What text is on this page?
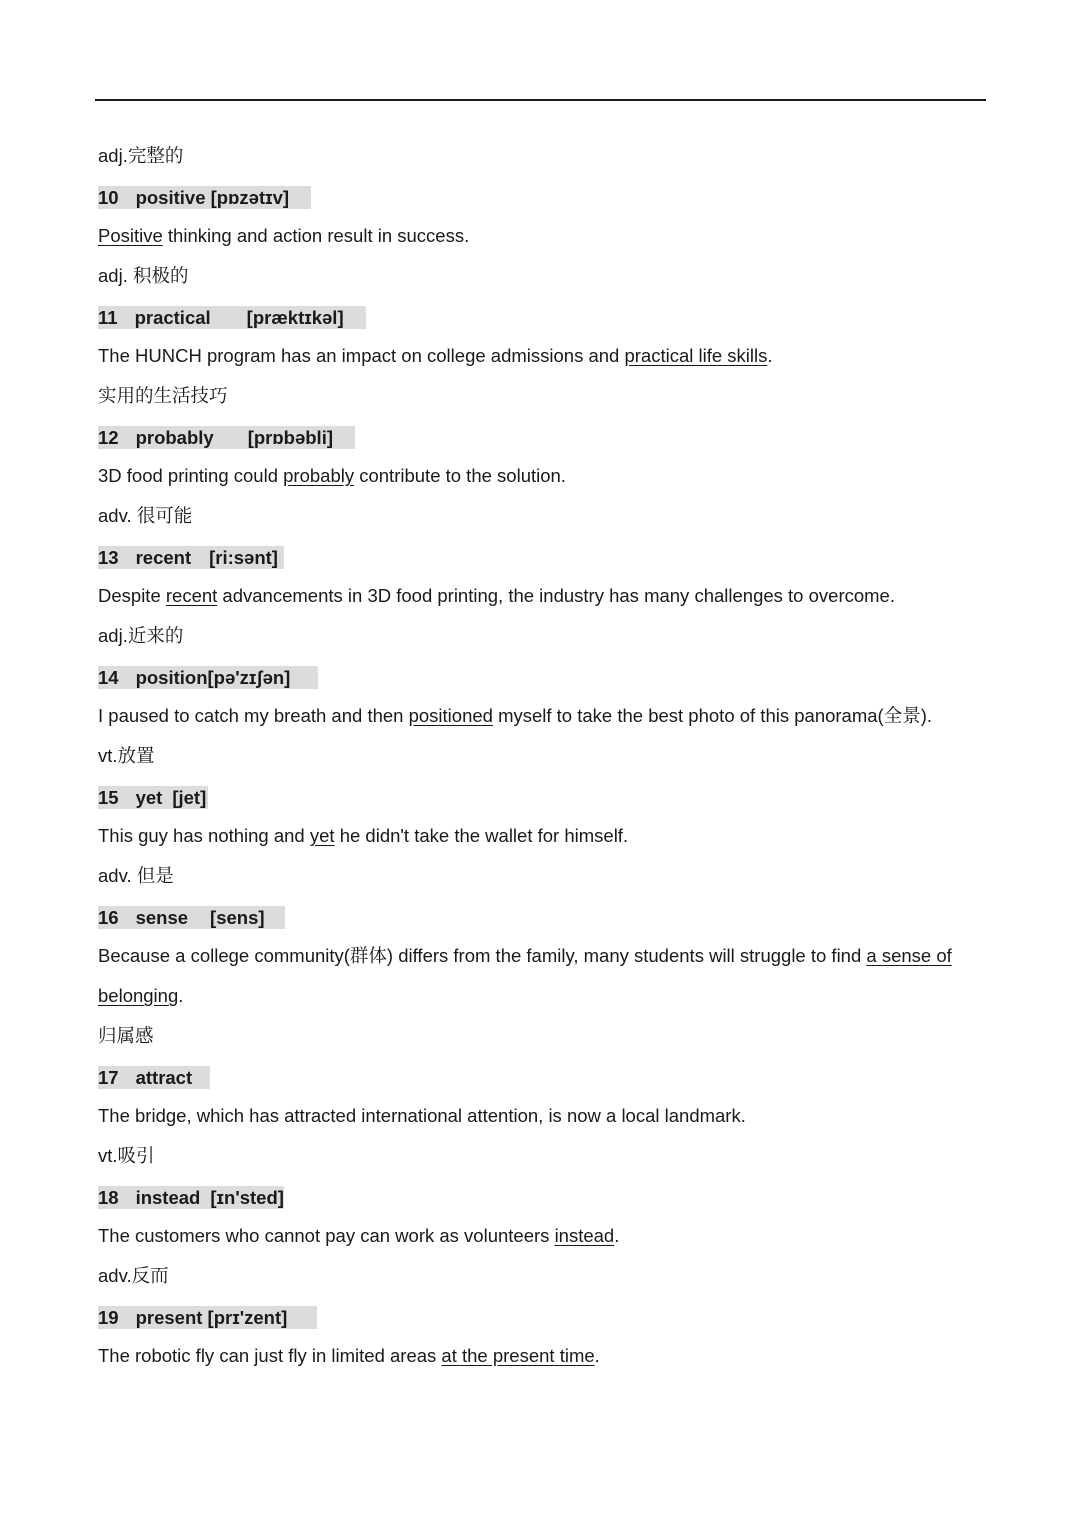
adj.完整的
10 positive [pɒzətɪv]
Positive thinking and action result in success.
adj. 积极的
11 practical [præktɪkəl]
The HUNCH program has an impact on college admissions and practical life skills.
实用的生活技巧
12 probably [prɒbəbli]
3D food printing could probably contribute to the solution.
adv. 很可能
13 recent [ri:sənt]
Despite recent advancements in 3D food printing, the industry has many challenges to overcome.
adj.近来的
14 position[pə'zɪʃən]
I paused to catch my breath and then positioned myself to take the best photo of this panorama(全景).
vt.放置
15 yet [jet]
This guy has nothing and yet he didn't take the wallet for himself.
adv. 但是
16 sense [sens]
Because a college community(群体) differs from the family, many students will struggle to find a sense of
belonging.
归属感
17 attract
The bridge, which has attracted international attention, is now a local landmark.
vt.吸引
18 instead [ɪn'sted]
The customers who cannot pay can work as volunteers instead.
adv.反而
19 present [prɪ'zent]
The robotic fly can just fly in limited areas at the present time.
